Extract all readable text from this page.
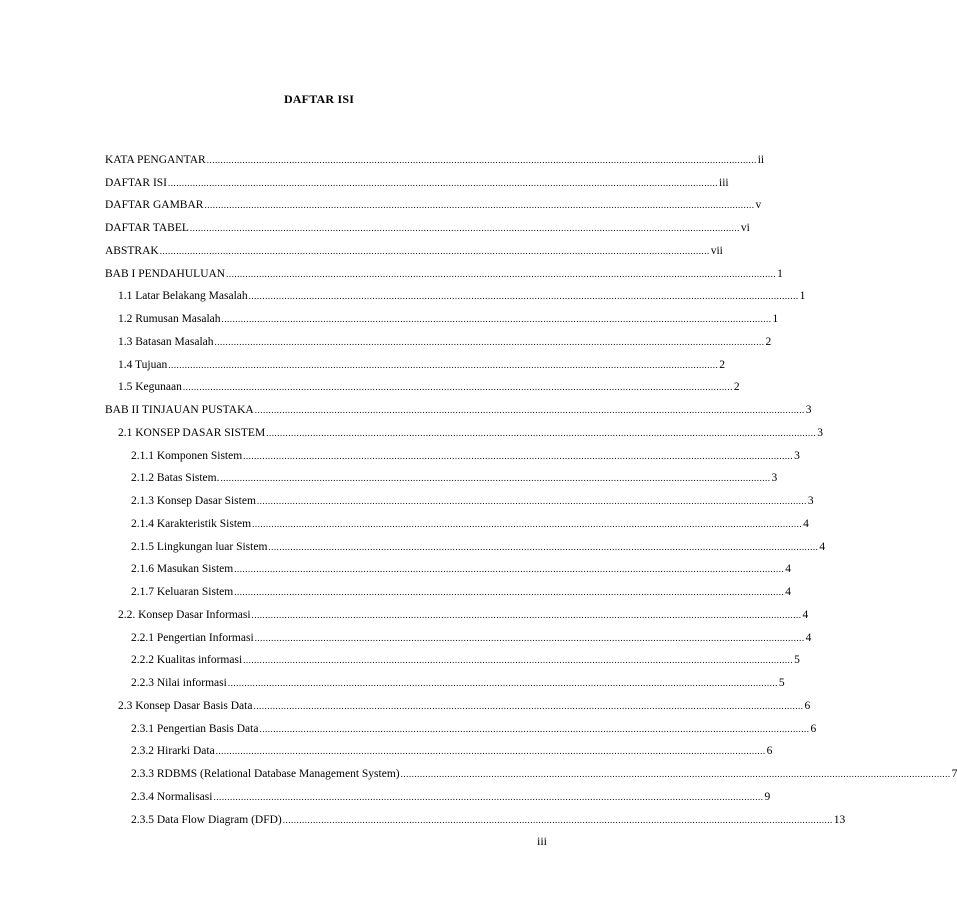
DAFTAR ISI
KATA PENGANTAR ........................................................................................................................................................................................................ ii
DAFTAR ISI ........................................................................................................................................................................................................ iii
DAFTAR GAMBAR ........................................................................................................................................................................................................ v
DAFTAR TABEL ........................................................................................................................................................................................................ vi
ABSTRAK ........................................................................................................................................................................................................ vii
BAB I PENDAHULUAN ........................................................................................................................................................................................................ 1
1.1 Latar Belakang Masalah ........................................................................................................................................................................................................ 1
1.2 Rumusan Masalah ........................................................................................................................................................................................................ 1
1.3 Batasan Masalah ........................................................................................................................................................................................................ 2
1.4 Tujuan ........................................................................................................................................................................................................ 2
1.5 Kegunaan ........................................................................................................................................................................................................ 2
BAB II TINJAUAN PUSTAKA ........................................................................................................................................................................................................ 3
2.1 KONSEP DASAR SISTEM ........................................................................................................................................................................................................ 3
2.1.1 Komponen Sistem ........................................................................................................................................................................................................ 3
2.1.2 Batas Sistem. ........................................................................................................................................................................................................ 3
2.1.3 Konsep Dasar Sistem ........................................................................................................................................................................................................ 3
2.1.4 Karakteristik Sistem ........................................................................................................................................................................................................ 4
2.1.5 Lingkungan luar Sistem ........................................................................................................................................................................................................ 4
2.1.6 Masukan Sistem ........................................................................................................................................................................................................ 4
2.1.7 Keluaran Sistem ........................................................................................................................................................................................................ 4
2.2. Konsep Dasar Informasi ........................................................................................................................................................................................................ 4
2.2.1 Pengertian Informasi ........................................................................................................................................................................................................ 4
2.2.2 Kualitas informasi ........................................................................................................................................................................................................ 5
2.2.3 Nilai informasi ........................................................................................................................................................................................................ 5
2.3 Konsep Dasar Basis Data ........................................................................................................................................................................................................ 6
2.3.1 Pengertian Basis Data ........................................................................................................................................................................................................ 6
2.3.2 Hirarki Data ........................................................................................................................................................................................................ 6
2.3.3 RDBMS (Relational Database Management System) ........................................................................................................................................................................................................ 7
2.3.4 Normalisasi ........................................................................................................................................................................................................ 9
2.3.5 Data Flow Diagram (DFD) ........................................................................................................................................................................................................ 13
iii
